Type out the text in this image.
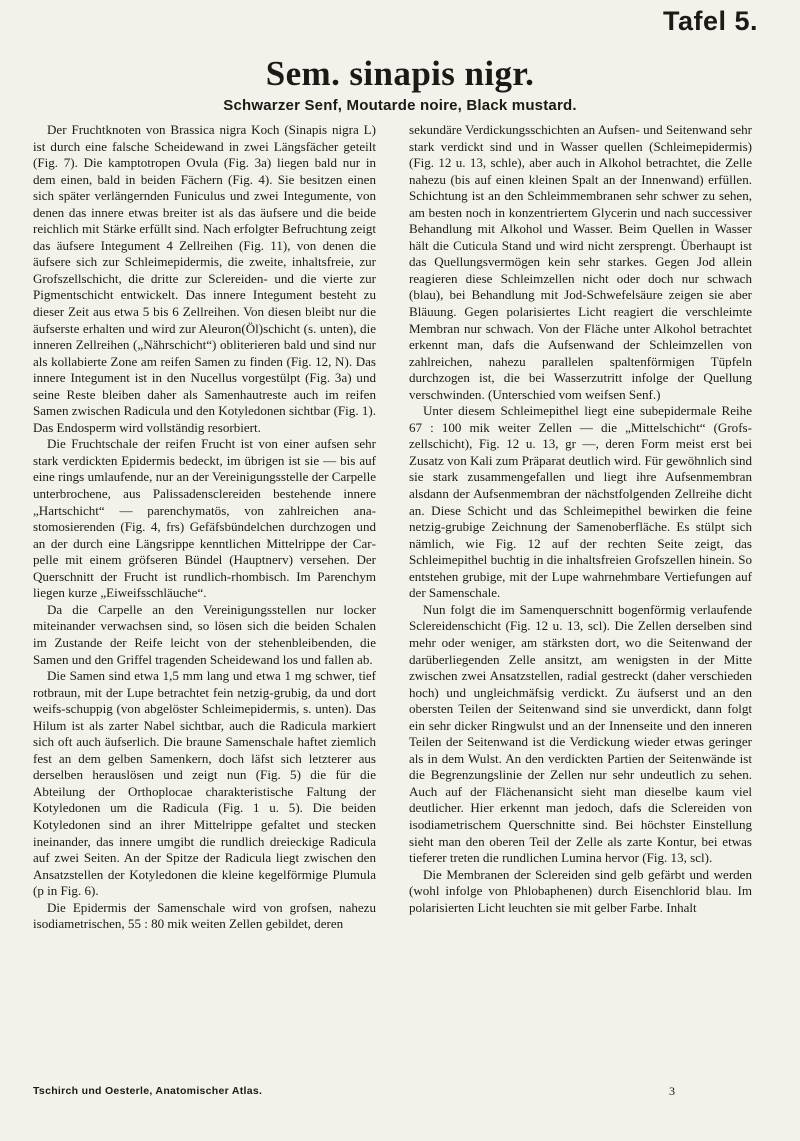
Tafel 5.
Sem. sinapis nigr.
Schwarzer Senf, Moutarde noire, Black mustard.

Der Fruchtknoten von Brassica nigra Koch (Sinapis nigra L) ist durch eine falsche Scheidewand in zwei Längsfächer geteilt (Fig. 7). Die kamptotropen Ovula (Fig. 3a) liegen bald nur in dem einen, bald in beiden Fächern (Fig. 4). Sie besitzen einen sich später verlängernden Funiculus und zwei Integumente, von denen das innere etwas breiter ist als das äufsere und die beide reichlich mit Stärke erfüllt sind. Nach erfolgter Befruchtung zeigt das äufsere Integument 4 Zellreihen (Fig. 11), von denen die äufsere sich zur Schleimepidermis, die zweite, inhaltsfreie, zur Grofszellschicht, die dritte zur Sclereiden- und die vierte zur Pigmentschicht entwickelt. Das innere Integument besteht zu dieser Zeit aus etwa 5 bis 6 Zellreihen. Von diesen bleibt nur die äufserste erhalten und wird zur Aleuron(Öl)schicht (s. unten), die inneren Zellreihen („Nährschicht“) obliterieren bald und sind nur als kollabierte Zone am reifen Samen zu finden (Fig. 12, N). Das innere Integument ist in den Nucellus vorgestülpt (Fig. 3a) und seine Reste bleiben daher als Samenhautreste auch im reifen Samen zwischen Radicula und den Kotyledonen sichtbar (Fig. 1). Das Endosperm wird vollständig resorbiert.

Die Fruchtschale der reifen Frucht ist von einer aufsen sehr stark verdickten Epidermis bedeckt, im übrigen ist sie — bis auf eine rings umlaufende, nur an der Vereinigungsstelle der Carpelle unterbrochene, aus Palissadensclereiden bestehende innere „Hartschicht“ — parenchymatös, von zahlreichen anastomosierenden (Fig. 4, frs) Gefäfsbündelchen durchzogen und an der durch eine Längsrippe kenntlichen Mittelrippe der Carpelle mit einem gröfseren Bündel (Hauptnerv) versehen. Der Querschnitt der Frucht ist rundlich-rhombisch. Im Parenchym liegen kurze „Eiweifsschläuche“.

Da die Carpelle an den Vereinigungsstellen nur locker miteinander verwachsen sind, so lösen sich die beiden Schalen im Zustande der Reife leicht von der stehenbleibenden, die Samen und den Griffel tragenden Scheidewand los und fallen ab.

Die Samen sind etwa 1,5 mm lang und etwa 1 mg schwer, tief rotbraun, mit der Lupe betrachtet fein netzig-grubig, da und dort weifs-schuppig (von abgelöster Schleimepidermis, s. unten). Das Hilum ist als zarter Nabel sichtbar, auch die Radicula markiert sich oft auch äufserlich. Die braune Samenschale haftet ziemlich fest an dem gelben Samenkern, doch läfst sich letzterer aus derselben herauslösen und zeigt nun (Fig. 5) die für die Abteilung der Orthoplocae charakteristische Faltung der Kotyledonen um die Radicula (Fig. 1 u. 5). Die beiden Kotyledonen sind an ihrer Mittelrippe gefaltet und stecken ineinander, das innere umgibt die rundlich dreieckige Radicula auf zwei Seiten. An der Spitze der Radicula liegt zwischen den Ansatzstellen der Kotyledonen die kleine kegelförmige Plumula (p in Fig. 6).

Die Epidermis der Samenschale wird von grofsen, nahezu isodiametrischen, 55 : 80 mik weiten Zellen gebildet, deren

sekundäre Verdickungsschichten an Aufsen- und Seitenwand sehr stark verdickt sind und in Wasser quellen (Schleimepidermis) (Fig. 12 u. 13, schle), aber auch in Alkohol betrachtet, die Zelle nahezu (bis auf einen kleinen Spalt an der Innenwand) erfüllen. Schichtung ist an den Schleimmembranen sehr schwer zu sehen, am besten noch in konzentriertem Glycerin und nach successiver Behandlung mit Alkohol und Wasser. Beim Quellen in Wasser hält die Cuticula Stand und wird nicht zersprengt. Überhaupt ist das Quellungsvermögen kein sehr starkes. Gegen Jod allein reagieren diese Schleimzellen nicht oder doch nur schwach (blau), bei Behandlung mit Jod-Schwefelsäure zeigen sie aber Bläuung. Gegen polarisiertes Licht reagiert die verschleimte Membran nur schwach. Von der Fläche unter Alkohol betrachtet erkennt man, dafs die Aufsenwand der Schleimzellen von zahlreichen, nahezu parallelen spaltenförmigen Tüpfeln durchzogen ist, die bei Wasserzutritt infolge der Quellung verschwinden. (Unterschied vom weifsen Senf.)

Unter diesem Schleimepithel liegt eine subepidermale Reihe 67 : 100 mik weiter Zellen — die „Mittelschicht“ (Grofszellschicht), Fig. 12 u. 13, gr —, deren Form meist erst bei Zusatz von Kali zum Präparat deutlich wird. Für gewöhnlich sind sie stark zusammengefallen und liegt ihre Aufsenmembran alsdann der Aufsenmembran der nächstfolgenden Zellreihe dicht an. Diese Schicht und das Schleimepithel bewirken die feine netzig-grubige Zeichnung der Samenoberfläche. Es stülpt sich nämlich, wie Fig. 12 auf der rechten Seite zeigt, das Schleimepithel buchtig in die inhaltsfreien Grofszellen hinein. So entstehen grubige, mit der Lupe wahrnehmbare Vertiefungen auf der Samenschale.

Nun folgt die im Samenquerschnitt bogenförmig verlaufende Sclereidenschicht (Fig. 12 u. 13, scl). Die Zellen derselben sind mehr oder weniger, am stärksten dort, wo die Seitenwand der darüberliegenden Zelle ansitzt, am wenigsten in der Mitte zwischen zwei Ansatzstellen, radial gestreckt (daher verschieden hoch) und ungleichmäfsig verdickt. Zu äufserst und an den obersten Teilen der Seitenwand sind sie unverdickt, dann folgt ein sehr dicker Ringwulst und an der Innenseite und den inneren Teilen der Seitenwand ist die Verdickung wieder etwas geringer als in dem Wulst. An den verdickten Partien der Seitenwände ist die Begrenzungslinie der Zellen nur sehr undeutlich zu sehen. Auch auf der Flächenansicht sieht man dieselbe kaum viel deutlicher. Hier erkennt man jedoch, dafs die Sclereiden von isodiametrischem Querschnitte sind. Bei höchster Einstellung sieht man den oberen Teil der Zelle als zarte Kontur, bei etwas tieferer treten die rundlichen Lumina hervor (Fig. 13, scl).

Die Membranen der Sclereiden sind gelb gefärbt und werden (wohl infolge von Phlobaphenen) durch Eisenchlorid blau. Im polarisierten Licht leuchten sie mit gelber Farbe. Inhalt

Tschirch und Oesterle, Anatomischer Atlas.	3
